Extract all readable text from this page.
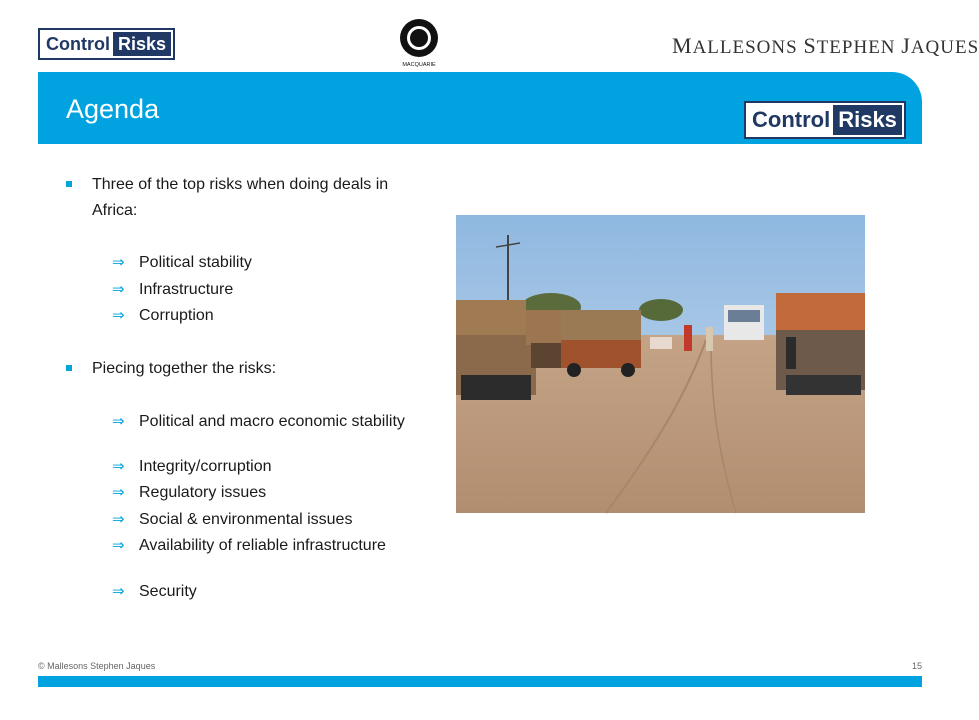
Control Risks
MACQUARIE
MALLESONS STEPHEN JAQUES
Agenda	Control Risks
Three of the top risks when doing deals in Africa:
⇒ Political stability
⇒ Infrastructure
⇒ Corruption
Piecing together the risks:
⇒ Political and macro economic stability
⇒ Integrity/corruption
⇒ Regulatory issues
⇒ Social & environmental issues
⇒ Availability of reliable infrastructure
⇒ Security
© Mallesons Stephen Jaques	15
